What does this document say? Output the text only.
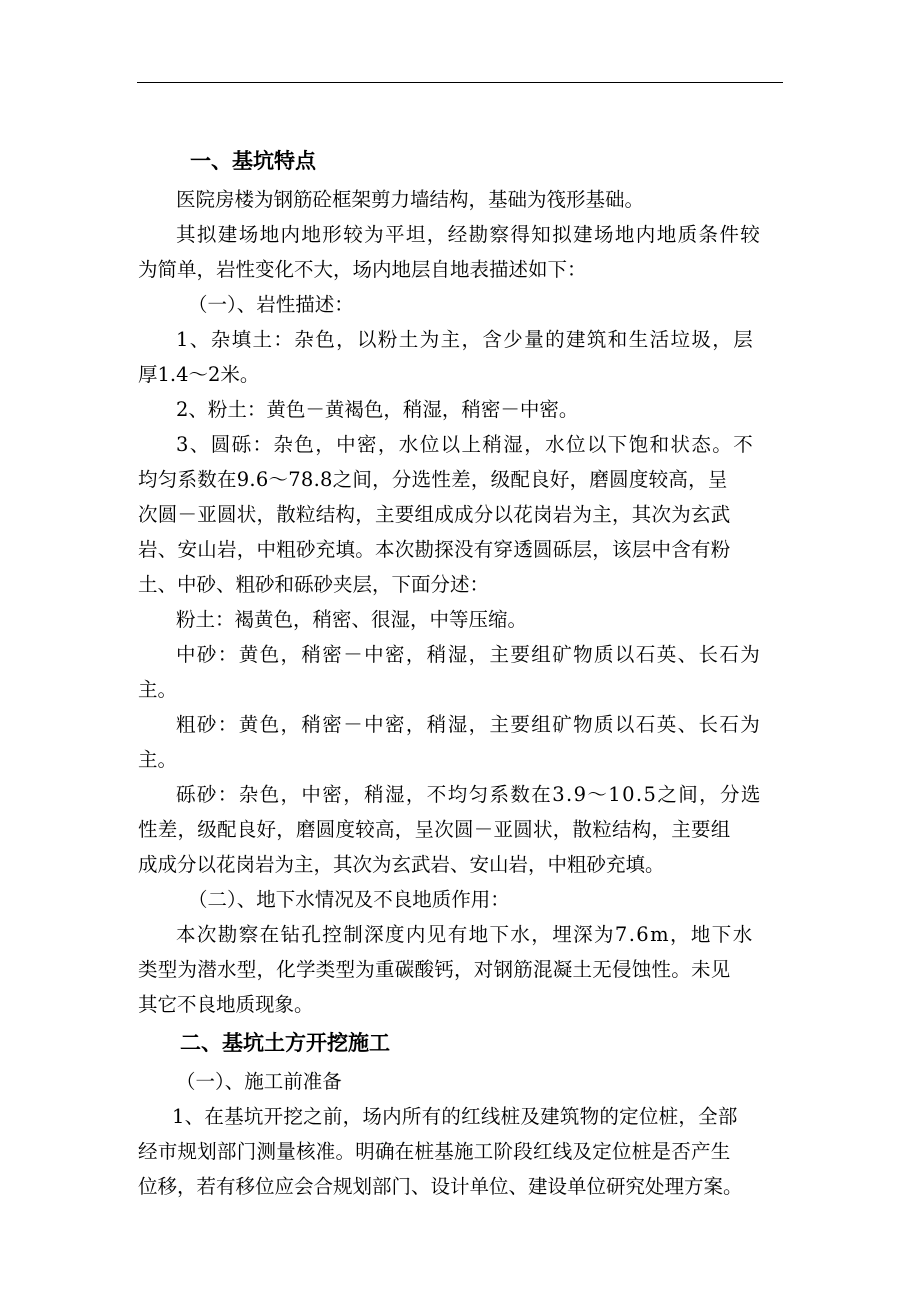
一、基坑特点
医院房楼为钢筋砼框架剪力墙结构，基础为筏形基础。
其拟建场地内地形较为平坦，经勘察得知拟建场地内地质条件较
为简单，岩性变化不大，场内地层自地表描述如下：
（一）、岩性描述：
1、杂填土：杂色，以粉土为主，含少量的建筑和生活垃圾，层
厚1.4～2米。
2、粉土：黄色－黄褐色，稍湿，稍密－中密。
3、圆砾：杂色，中密，水位以上稍湿，水位以下饱和状态。不
均匀系数在9.6～78.8之间，分选性差，级配良好，磨圆度较高，呈
次圆－亚圆状，散粒结构，主要组成成分以花岗岩为主，其次为玄武
岩、安山岩，中粗砂充填。本次勘探没有穿透圆砾层，该层中含有粉
土、中砂、粗砂和砾砂夹层，下面分述：
粉土：褐黄色，稍密、很湿，中等压缩。
中砂：黄色，稍密－中密，稍湿，主要组矿物质以石英、长石为
主。
粗砂：黄色，稍密－中密，稍湿，主要组矿物质以石英、长石为
主。
砾砂：杂色，中密，稍湿，不均匀系数在3.9～10.5之间，分选
性差，级配良好，磨圆度较高，呈次圆－亚圆状，散粒结构，主要组
成成分以花岗岩为主，其次为玄武岩、安山岩，中粗砂充填。
（二）、地下水情况及不良地质作用：
本次勘察在钻孔控制深度内见有地下水，埋深为7.6m，地下水
类型为潜水型，化学类型为重碳酸钙，对钢筋混凝土无侵蚀性。未见
其它不良地质现象。
二、基坑土方开挖施工
（一）、施工前准备
1、在基坑开挖之前，场内所有的红线桩及建筑物的定位桩，全部
经市规划部门测量核准。明确在桩基施工阶段红线及定位桩是否产生
位移，若有移位应会合规划部门、设计单位、建设单位研究处理方案。
